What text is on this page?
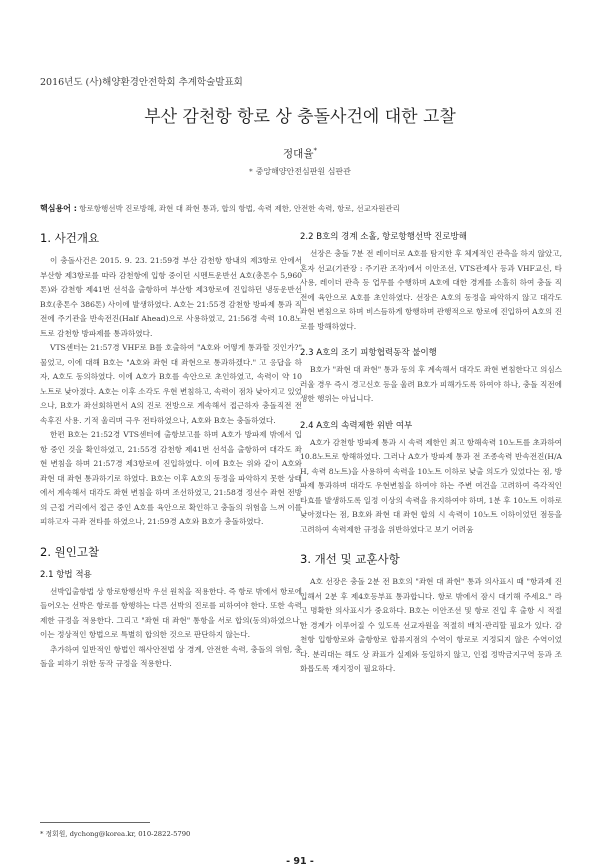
2016년도 (사)해양환경안전학회 추계학술발표회
부산 감천항 항로 상 충돌사건에 대한 고찰
정대율*
* 중앙해양안전심판원 심판관
핵심용어 : 항로항행선박 진로방해, 좌현 대 좌현 통과, 합의 항법, 속력 제한, 안전한 속력, 항로, 선교자원관리
1. 사건개요

이 충돌사건은 2015. 9. 23. 21:59경 부산 감천항 항내의 제3항로 안에서 부산항 제3항로를 따라 감천항에 입항 중이던 시멘트운반선 A호(총톤수 5,960톤)와 감천항 제41번 선석을 출항하여 부산항 제3항로에 진입하던 냉동운반선 B호(총톤수 386톤) 사이에 발생하였다. A호는 21:55경 감천항 방파제 통과 직전에 주기관을 반속전진(Half Ahead)으로 사용하였고, 21:56경 속력 10.8노트로 감천항 방파제를 통과하였다.

VTS센터는 21:57경 VHF로 B를 호출하여 "A호와 어떻게 통과할 것인가?" 물었고, 이에 대해 B호는 "A호와 좌현 대 좌현으로 통과하겠다." 고 응답을 하자, A호도 동의하였다. 이에 A호가 B호를 속안으로 초인하였고, 속력이 약 10노트로 낮아졌다. A호는 이후 소각도 우현 변침하고, 속력이 점차 낮아지고 있었으나, B호가 좌선회하면서 A의 진로 전방으로 계속해서 접근하자 충돌직전 전속후진 사용. 기적 울리며 극우 전타하였으나, A호와 B호는 충돌하였다.

한편 B호는 21:52경 VTS센터에 출항보고를 하며 A호가 방파제 밖에서 입항 중인 것을 확인하였고, 21:55경 감천항 제41번 선석을 출항하여 대각도 좌현 변침을 하며 21:57경 제3항로에 진입하였다. 이에 B호는 위와 같이 A호와 좌현 대 좌현 통과하기로 하였다. B호는 이후 A호의 동정을 파악하지 못한 상태에서 계속해서 대각도 좌현 변침을 하며 조선하였고, 21:58경 정선수 좌현 전방의 근접 거리에서 접근 중인 A호를 육안으로 확인하고 충돌의 위험을 느껴 이를 피하고자 극좌 전타를 하였으나, 21:59경 A호와 B호가 충돌하였다.

2. 원인고찰
2.1 항법 적용

선박입출항법 상 항로항행선박 우선 원칙을 적용한다. 즉 항로 밖에서 항로에 들어오는 선박은 항로를 항행하는 다른 선박의 진로를 피하여야 한다. 또한 속력 제한 규정을 적용한다. 그리고 "좌현 대 좌현" 통항을 서로 합의(동의)하였으나, 이는 정상적인 항법으로 특별히 합의한 것으로 판단하지 않는다.

추가하여 일반적인 항법인 해사안전법 상 경계, 안전한 속력, 충돌의 위험, 충돌을 피하기 위한 동작 규정을 적용한다.

2.2 B호의 경계 소홀, 항로항행선박 진로방해

선장은 충돌 7분 전 레이더로 A호를 탐지한 후 체계적인 관측을 하지 않았고, 혼자 선교(기관장 : 주기관 조작)에서 이안조선, VTS관제사 등과 VHF교신, 타 사용, 레이더 관측 등 업무를 수행하며 A호에 대한 경계를 소홀히 하여 충돌 직전에 육안으로 A호를 초인하였다. 선장은 A호의 동정을 파악하지 않고 대각도 좌현 변침으로 하며 비스듬하게 항행하며 관행적으로 항로에 진입하여 A호의 진로를 방해하였다.

2.3 A호의 조기 피항협력동작 불이행

B호가 "좌현 대 좌현" 통과 동의 후 계속해서 대각도 좌현 변침한다고 의심스러울 경우 즉시 경고신호 등을 울려 B호가 피해가도록 하여야 하나, 충돌 직전에 생한 행위는 아닙니다.

2.4 A호의 속력제한 위반 여부

A호가 감천항 방파제 통과 시 속력 제한인 최고 항해속력 10노트를 초과하여 10.8노트로 항해하였다. 그러나 A호가 방파제 통과 전 조종속력 반속전진(H/AH, 속력 8노트)을 사용하여 속력을 10노트 이하로 낮출 의도가 있었다는 점, 방파제 통과하며 대각도 우현변침을 하여야 하는 주변 여건을 고려하여 즉각적인 타효를 발생하도록 일정 이상의 속력을 유지하여야 하며, 1분 후 10노트 이하로 낮아졌다는 점, B호와 좌현 대 좌현 합의 시 속력이 10노트 이하이었던 점등을 고려하여 속력제한 규정을 위반하였다고 보기 어려움

3. 개선 및 교훈사항

A호 선장은 충돌 2분 전 B호의 "좌현 대 좌현" 통과 의사표시 때 "항과제 진입해서 2분 후 제4호등부표 통과합니다. 항로 밖에서 잠시 대기해 주세요." 라고 명확한 의사표시가 중요하다. B호는 이안조선 및 항로 진입 후 출항 시 적절한 경계가 이루어질 수 있도록 선교자원을 적절히 배치·관리할 필요가 있다. 감천항 입항항로와 출항항로 합류지점의 수역이 항로로 지정되지 않은 수역이었다. 분리대는 해도 상 좌표가 실제와 동일하지 않고, 인접 정박금지구역 등과 조화롭도록 재지정이 필요하다.

* 정회원, dychong@korea.kr, 010-2822-5790
- 91 -
